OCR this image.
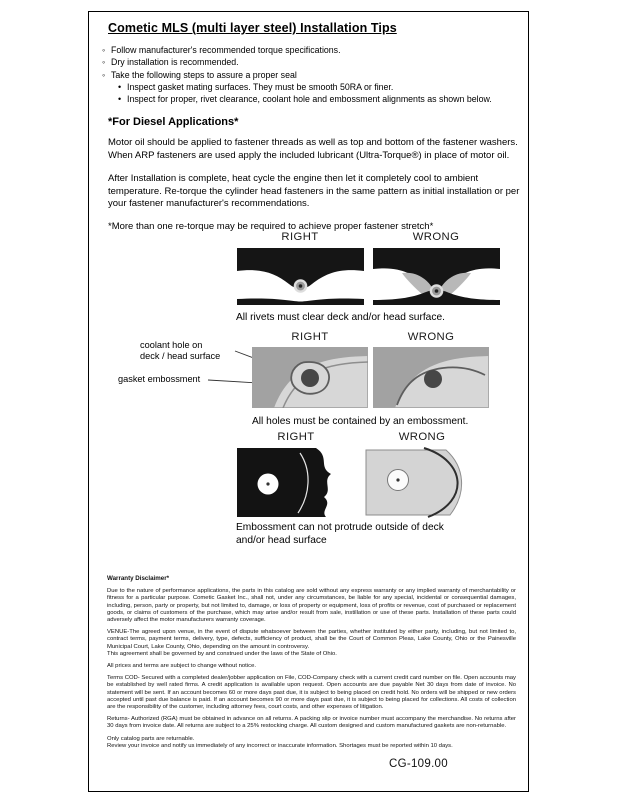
Cometic MLS (multi layer steel) Installation Tips
◦
Follow manufacturer's recommended torque specifications.
◦
Dry installation is recommended.
◦
Take the following steps to assure a proper seal
•
Inspect gasket mating surfaces. They must be smooth 50RA or finer.
•
Inspect for proper, rivet clearance, coolant hole and embossment alignments as shown below.
*For Diesel Applications*

Motor oil should be applied to fastener threads as well as top and bottom of the fastener washers. When ARP fasteners are used apply the included lubricant (Ultra-Torque®) in place of motor oil.

After Installation is complete, heat cycle the engine then let it completely cool to ambient temperature. Re-torque the cylinder head fasteners in the same pattern as initial installation or per your fastener manufacturer's recommendations.

*More than one re-torque may be required to achieve proper fastener stretch*

RIGHT	WRONG
All rivets must clear deck and/or head surface.
RIGHT	WRONG
coolant hole on
deck / head surface
gasket embossment
All holes must be contained by an embossment.
RIGHT	WRONG
Embossment can not protrude outside of deck and/or head surface
Warranty Disclaimer*

Due to the nature of performance applications, the parts in this catalog are sold without any express warranty or any implied warranty of merchantability or fitness for a particular purpose. Cometic Gasket Inc., shall not, under any circumstances, be liable for any special, incidental or consequential damages, including, person, party or property, but not limited to, damage, or loss of property or equipment, loss of profits or revenue, cost of purchased or replacement goods, or claims of customers of the purchase, which may arise and/or result from sale, instillation or use of these parts. Installation of these parts could adversely affect the motor manufacturers warranty coverage.

VENUE-The agreed upon venue, in the event of dispute whatsoever between the parties, whether instituted by either party, including, but not limited to, contract terms, payment terms, delivery, type, defects, sufficiency of product, shall be the Court of Common Pleas, Lake County, Ohio or the Painesville Municipal Court, Lake County, Ohio, depending on the amount in controversy.

This agreement shall be governed by and construed under the laws of the State of Ohio.

All prices and terms are subject to change without notice.

Terms COD- Secured with a completed dealer/jobber application on File, COD-Company check with a current credit card number on file. Open accounts may be established by well rated firms. A credit application is available upon request. Open accounts are due payable Net 30 days from date of invoice. No statement will be sent. If an account becomes 60 or more days past due, it is subject to being placed on credit hold. No orders will be shipped or new orders accepted until past due balance is paid. If an account becomes 90 or more days past due, it is subject to being placed for collections. All costs of collection are the responsibility of the customer, including attorney fees, court costs, and other expenses of litigation.

Returns- Authorized (RGA) must be obtained in advance on all returns. A packing slip or invoice number must accompany the merchandise. No returns after 30 days from invoice date. All returns are subject to a 25% restocking charge. All custom designed and custom manufactured gaskets are non-returnable.

Only catalog parts are returnable.

Review your invoice and notify us immediately of any incorrect or inaccurate information. Shortages must be reported within 10 days.

CG-109.00
